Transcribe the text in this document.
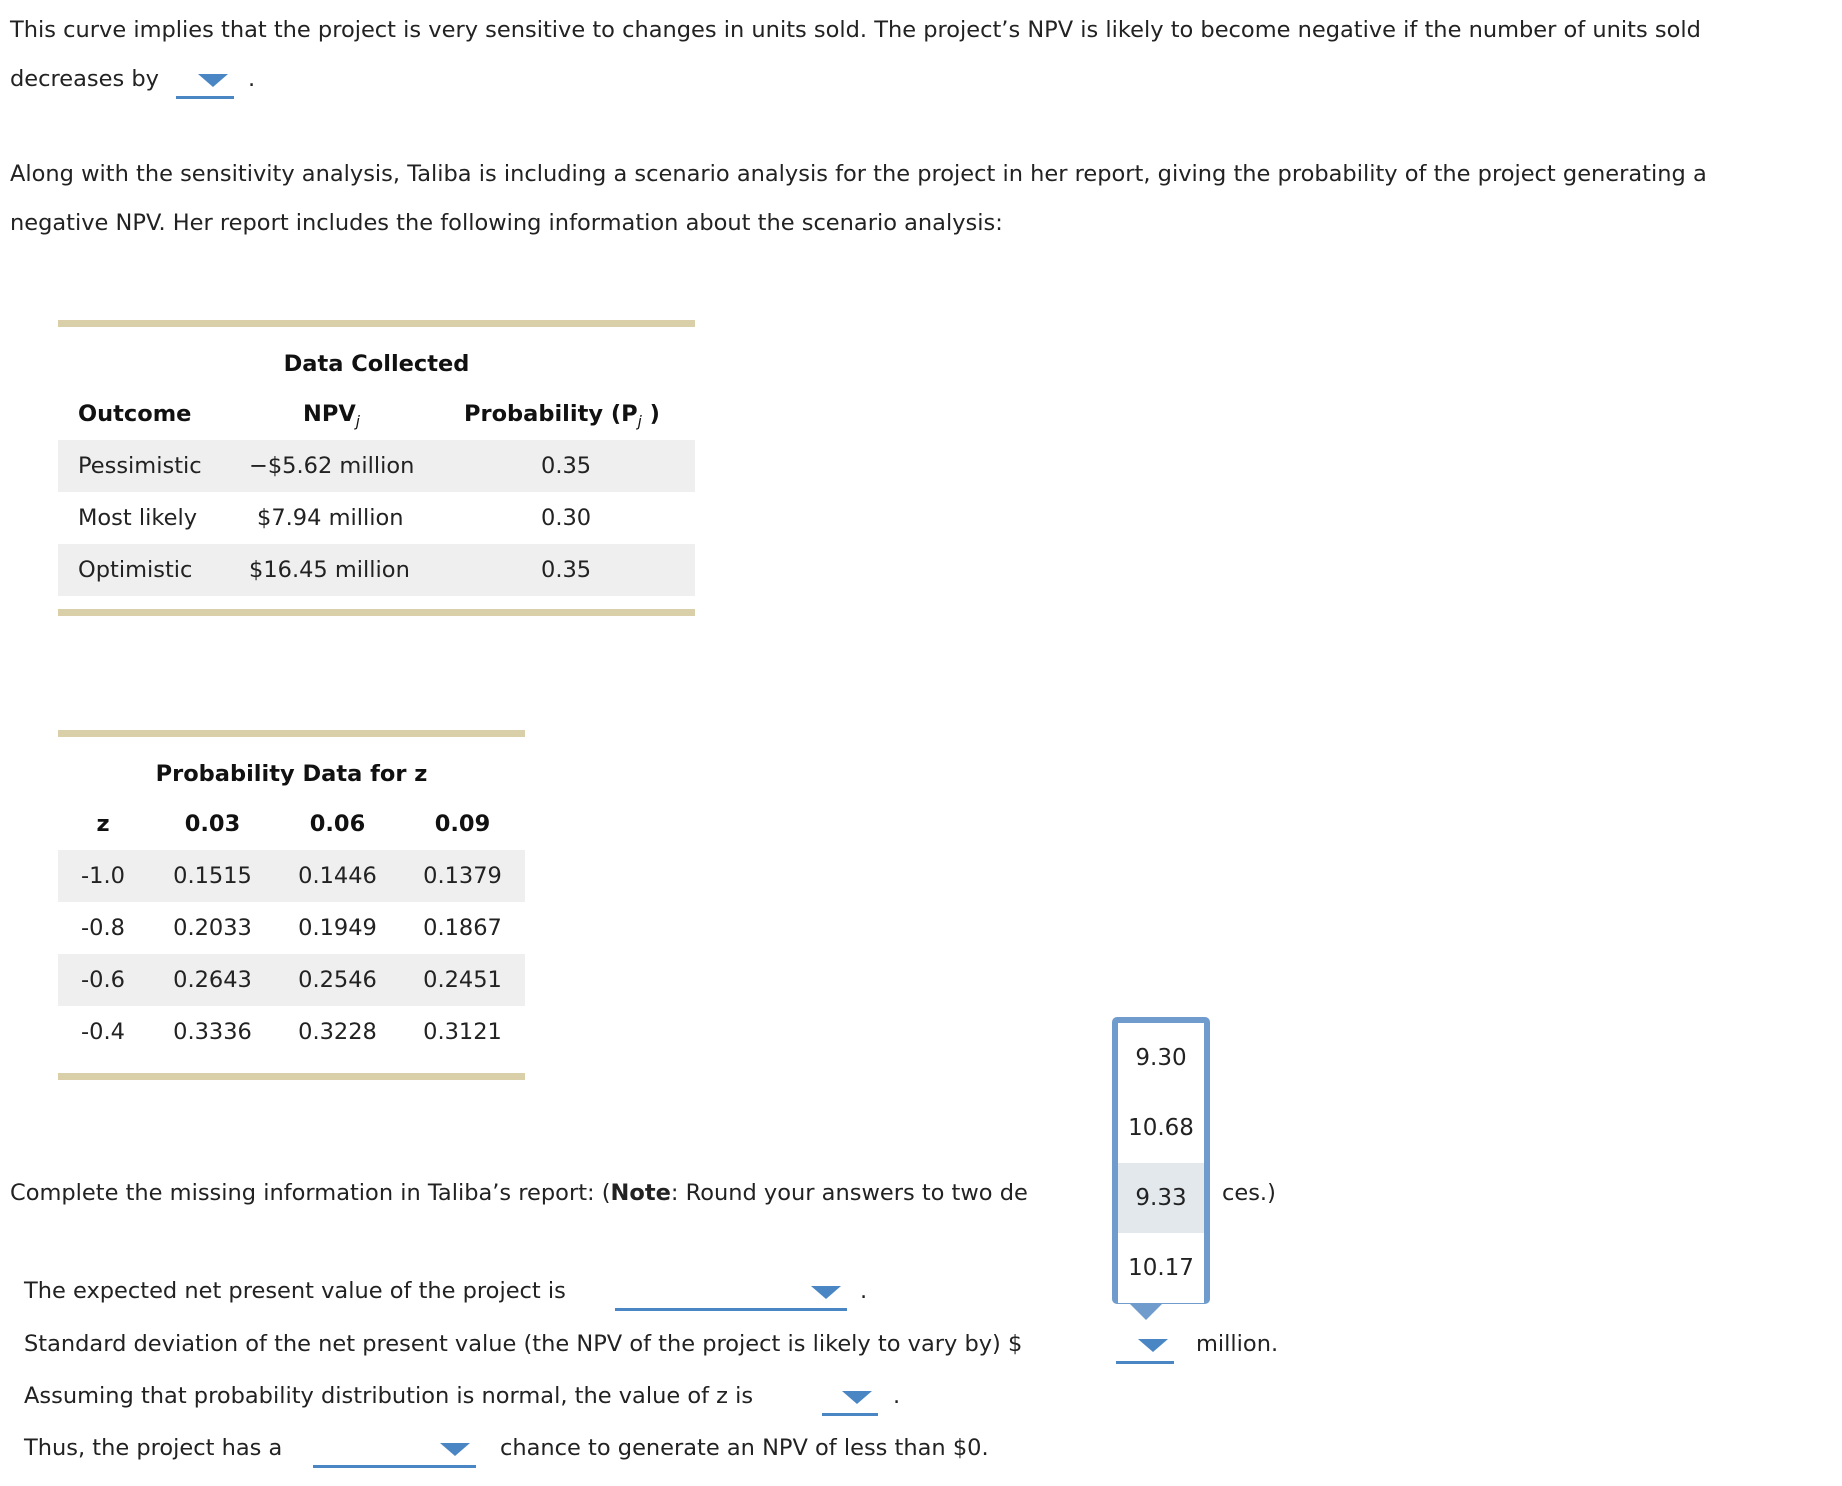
This curve implies that the project is very sensitive to changes in units sold. The project’s NPV is likely to become negative if the number of units sold
decreases by	.
Along with the sensitivity analysis, Taliba is including a scenario analysis for the project in her report, giving the probability of the project generating a
negative NPV. Her report includes the following information about the scenario analysis:
Data Collected
Outcome	$NPV_j$	Probability ($P_j$ )
Pessimistic −$5.62 million	0.35
Most likely	$7.94 million	0.30
Optimistic	$16.45 million	0.35
Probability Data for z
z	0.03	0.06	0.09
-1.0	0.1515	0.1446	0.1379
-0.8	0.2033	0.1949	0.1867
-0.6	0.2643	0.2546	0.2451
-0.4	0.3336	0.3228	0.3121
Complete the missing information in Taliba’s report: (Note: Round your answers to two de	ces.)
The expected net present value of the project is	.
Standard deviation of the net present value (the NPV of the project is likely to vary by) $	million.
Assuming that probability distribution is normal, the value of z is	.
Thus, the project has a	chance to generate an NPV of less than $0.
9.30
10.68
9.33
10.17
